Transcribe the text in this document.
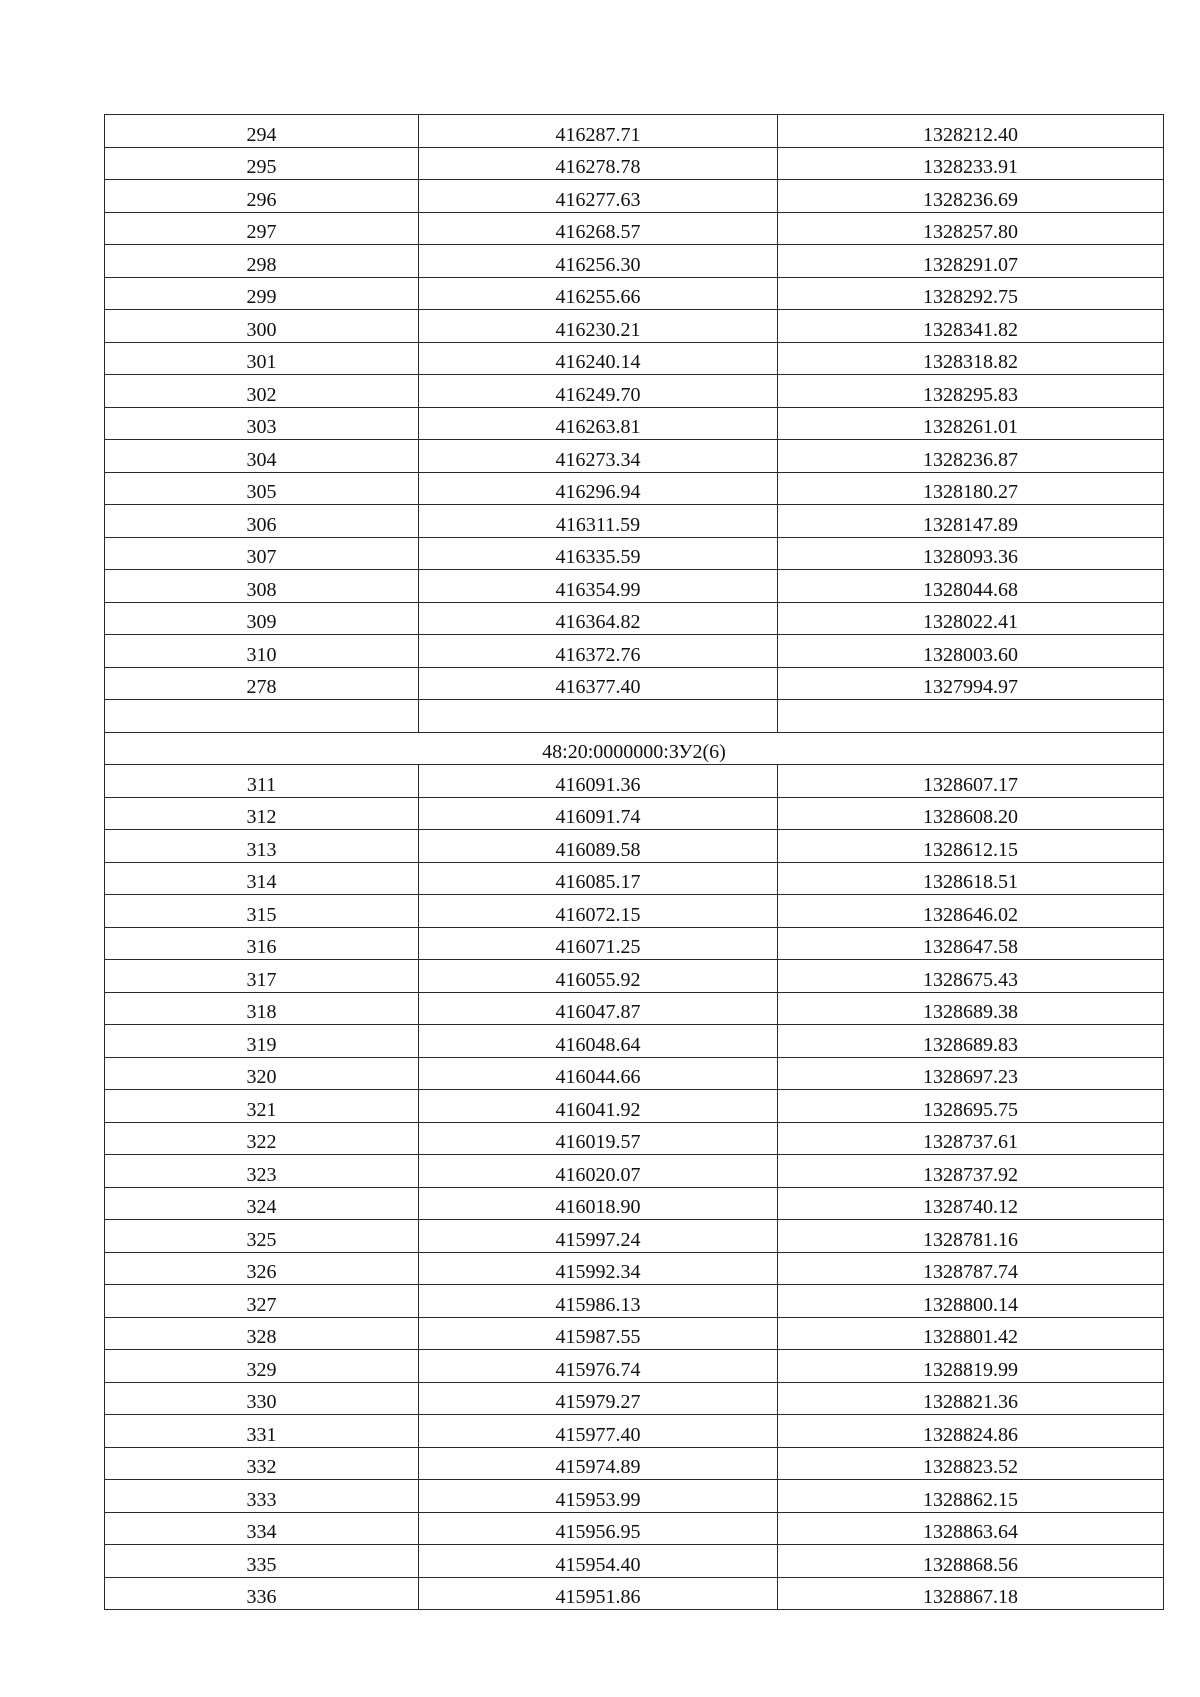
294	416287.71	1328212.40
295	416278.78	1328233.91
296	416277.63	1328236.69
297	416268.57	1328257.80
298	416256.30	1328291.07
299	416255.66	1328292.75
300	416230.21	1328341.82
301	416240.14	1328318.82
302	416249.70	1328295.83
303	416263.81	1328261.01
304	416273.34	1328236.87
305	416296.94	1328180.27
306	416311.59	1328147.89
307	416335.59	1328093.36
308	416354.99	1328044.68
309	416364.82	1328022.41
310	416372.76	1328003.60
278	416377.40	1327994.97

48:20:0000000:ЗУ2(6)		
311	416091.36	1328607.17
312	416091.74	1328608.20
313	416089.58	1328612.15
314	416085.17	1328618.51
315	416072.15	1328646.02
316	416071.25	1328647.58
317	416055.92	1328675.43
318	416047.87	1328689.38
319	416048.64	1328689.83
320	416044.66	1328697.23
321	416041.92	1328695.75
322	416019.57	1328737.61
323	416020.07	1328737.92
324	416018.90	1328740.12
325	415997.24	1328781.16
326	415992.34	1328787.74
327	415986.13	1328800.14
328	415987.55	1328801.42
329	415976.74	1328819.99
330	415979.27	1328821.36
331	415977.40	1328824.86
332	415974.89	1328823.52
333	415953.99	1328862.15
334	415956.95	1328863.64
335	415954.40	1328868.56
336	415951.86	1328867.18
